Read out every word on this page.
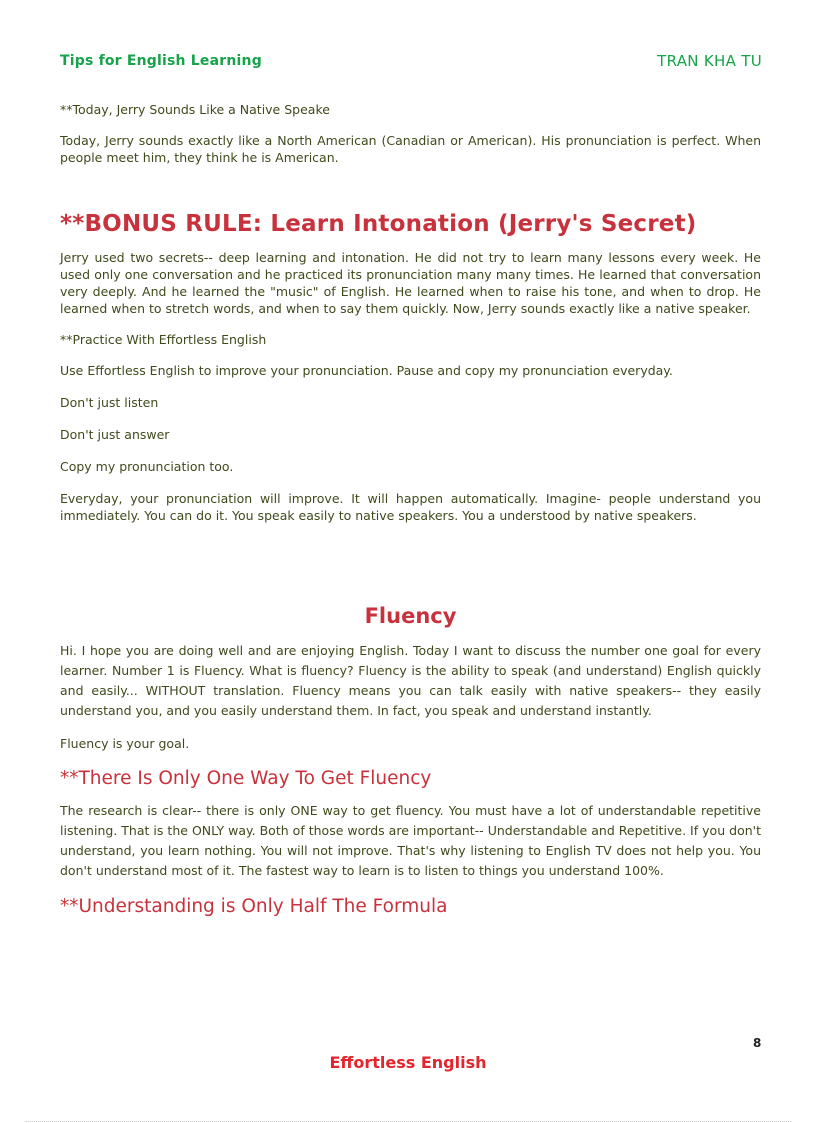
Tips for English Learning	TRAN KHA TU
**Today, Jerry Sounds Like a Native Speake

Today, Jerry sounds exactly like a North American (Canadian or American). His pronunciation is perfect. When people meet him, they think he is American.

**BONUS RULE: Learn Intonation (Jerry's Secret)

Jerry used two secrets-- deep learning and intonation. He did not try to learn many lessons every week. He used only one conversation and he practiced its pronunciation many many times. He learned that conversation very deeply. And he learned the "music" of English. He learned when to raise his tone, and when to drop. He learned when to stretch words, and when to say them quickly. Now, Jerry sounds exactly like a native speaker.

**Practice With Effortless English

Use Effortless English to improve your pronunciation. Pause and copy my pronunciation everyday.

Don't just listen

Don't just answer

Copy my pronunciation too.

Everyday, your pronunciation will improve. It will happen automatically. Imagine- people understand you immediately. You can do it. You speak easily to native speakers. You a understood by native speakers.

Fluency

Hi. I hope you are doing well and are enjoying English. Today I want to discuss the number one goal for every learner. Number 1 is Fluency. What is fluency? Fluency is the ability to speak (and understand) English quickly and easily... WITHOUT translation. Fluency means you can talk easily with native speakers-- they easily understand you, and you easily understand them. In fact, you speak and understand instantly.

Fluency is your goal.

**There Is Only One Way To Get Fluency

The research is clear-- there is only ONE way to get fluency. You must have a lot of understandable repetitive listening. That is the ONLY way. Both of those words are important-- Understandable and Repetitive. If you don't understand, you learn nothing. You will not improve. That's why listening to English TV does not help you. You don't understand most of it. The fastest way to learn is to listen to things you understand 100%.

**Understanding is Only Half The Formula
8
Effortless English
